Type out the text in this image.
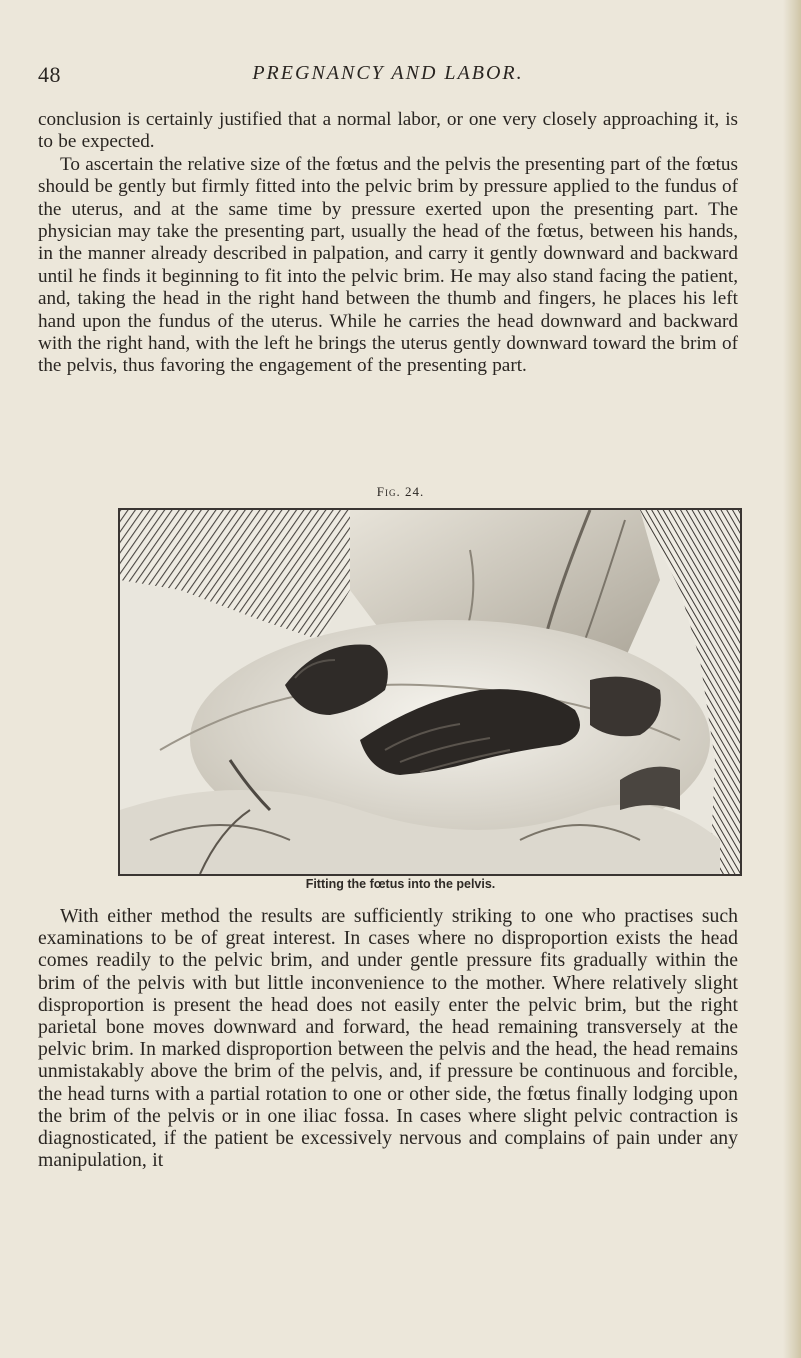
48	PREGNANCY AND LABOR.

conclusion is certainly justified that a normal labor, or one very closely approaching it, is to be expected.

To ascertain the relative size of the fœtus and the pelvis the presenting part of the fœtus should be gently but firmly fitted into the pelvic brim by pressure applied to the fundus of the uterus, and at the same time by pressure exerted upon the presenting part. The physician may take the presenting part, usually the head of the fœtus, between his hands, in the manner already described in palpation, and carry it gently downward and backward until he finds it beginning to fit into the pelvic brim. He may also stand facing the patient, and, taking the head in the right hand between the thumb and fingers, he places his left hand upon the fundus of the uterus. While he carries the head downward and backward with the right hand, with the left he brings the uterus gently downward toward the brim of the pelvis, thus favoring the engagement of the presenting part.

Fig. 24.
Fitting the fœtus into the pelvis.

With either method the results are sufficiently striking to one who practises such examinations to be of great interest. In cases where no disproportion exists the head comes readily to the pelvic brim, and under gentle pressure fits gradually within the brim of the pelvis with but little inconvenience to the mother. Where relatively slight disproportion is present the head does not easily enter the pelvic brim, but the right parietal bone moves downward and forward, the head remaining transversely at the pelvic brim. In marked disproportion between the pelvis and the head, the head remains unmistakably above the brim of the pelvis, and, if pressure be continuous and forcible, the head turns with a partial rotation to one or other side, the fœtus finally lodging upon the brim of the pelvis or in one iliac fossa. In cases where slight pelvic contraction is diagnosticated, if the patient be excessively nervous and complains of pain under any manipulation, it
